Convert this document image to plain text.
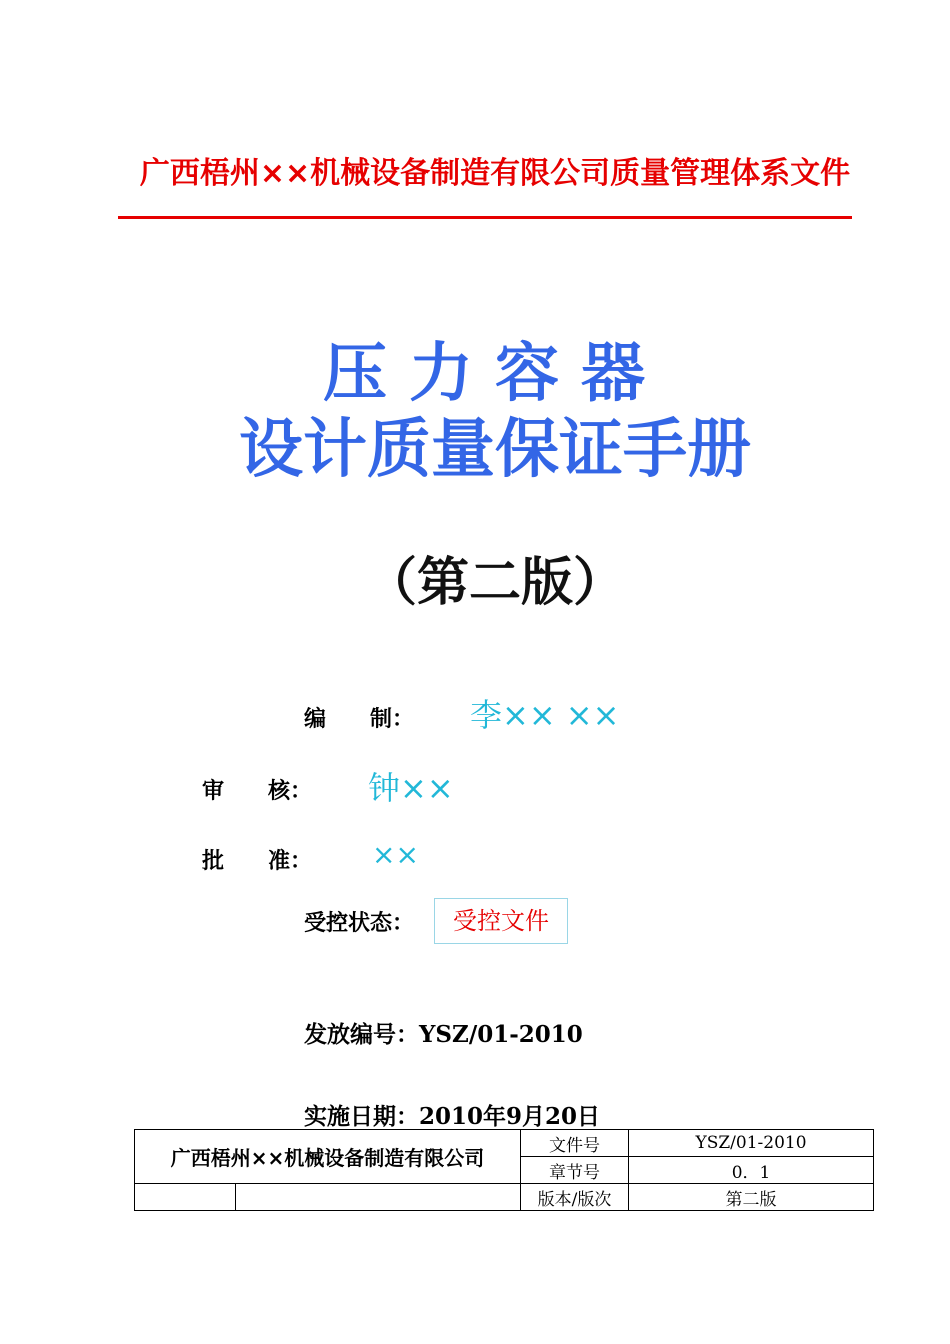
广西梧州××机械设备制造有限公司质量管理体系文件
压力容器
设计质量保证手册
（第二版）
编　　制： 李×× ××
审　　核： 钟××
批　　准： ××
受控状态：	受控文件
发放编号：YSZ/01-2010
实施日期：2010年9月20日
广西梧州××机械设备制造有限公司		文件号	YSZ/01-2010
		章节号	0．1
		版本/版次	第二版
